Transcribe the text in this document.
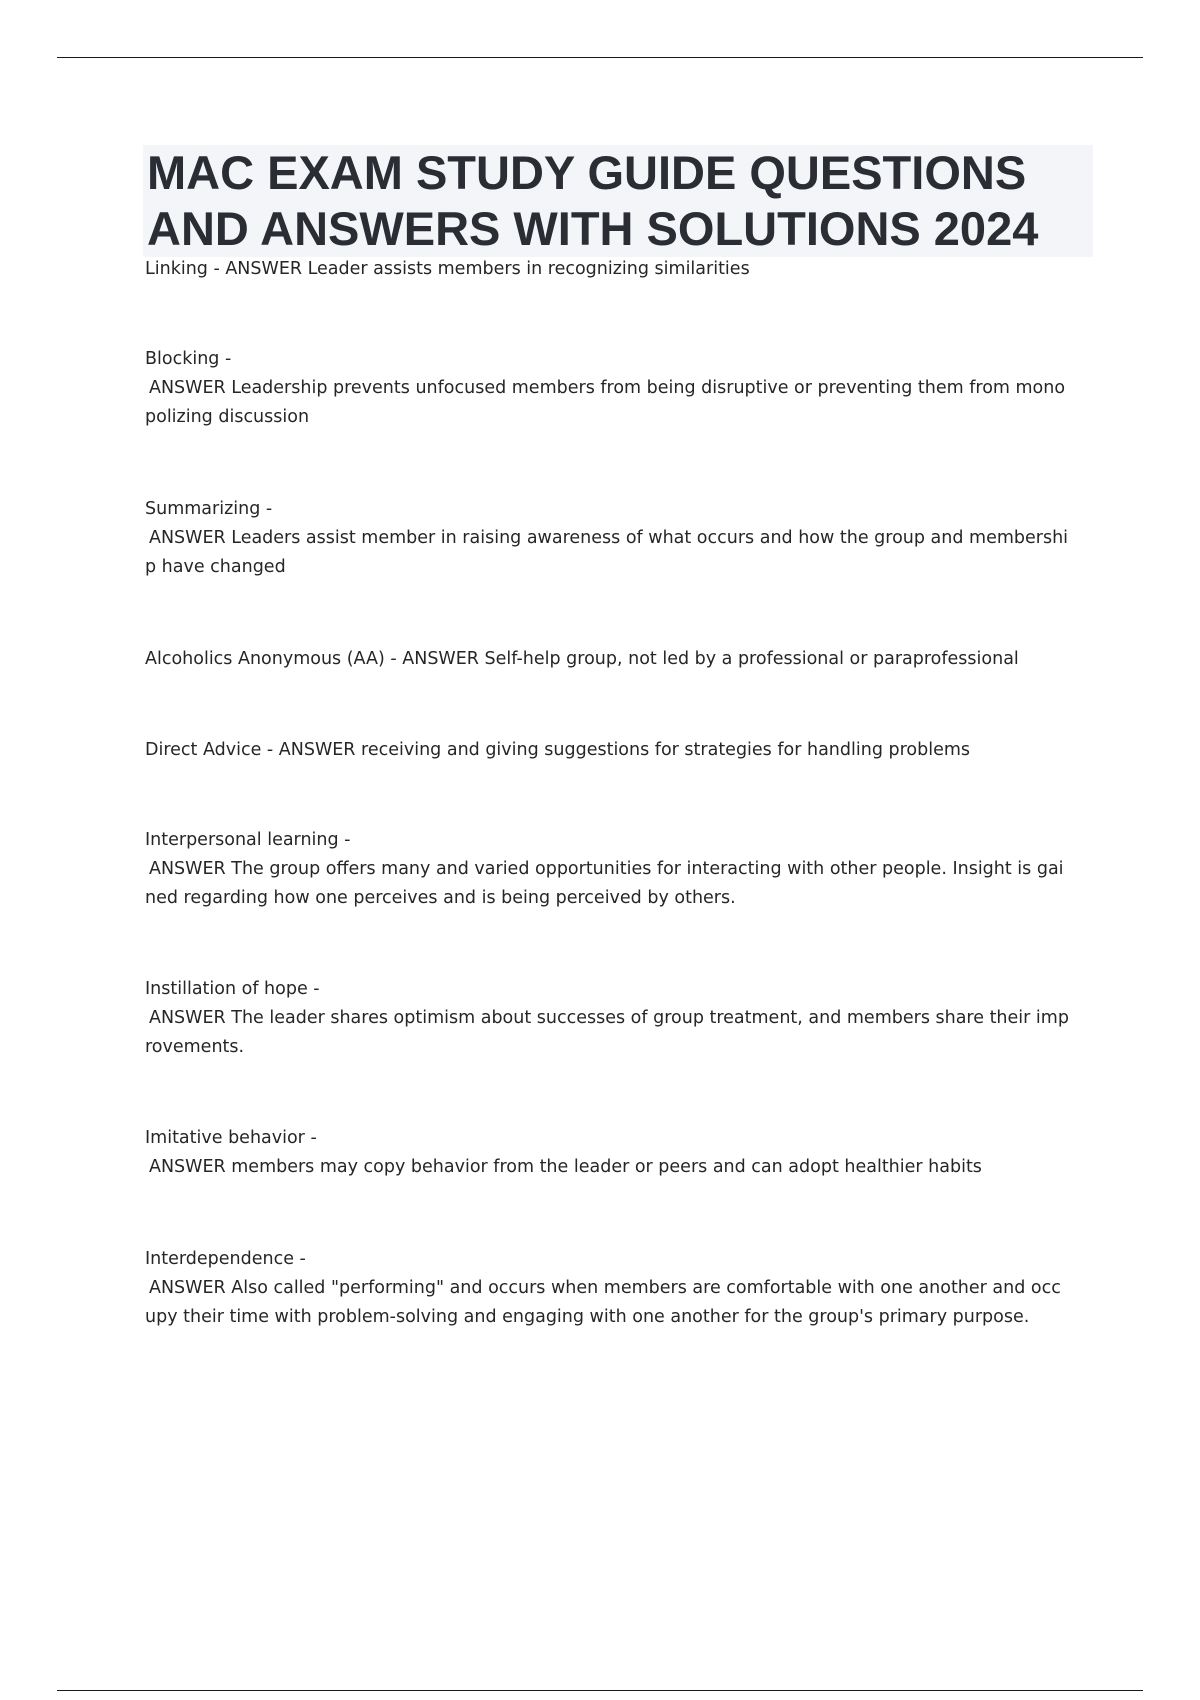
MAC EXAM STUDY GUIDE QUESTIONS
AND ANSWERS WITH SOLUTIONS 2024
Linking - ANSWER Leader assists members in recognizing similarities
Blocking -
ANSWER Leadership prevents unfocused members from being disruptive or preventing them from mono
polizing discussion
Summarizing -
ANSWER Leaders assist member in raising awareness of what occurs and how the group and membershi
p have changed
Alcoholics Anonymous (AA) - ANSWER Self-help group, not led by a professional or paraprofessional
Direct Advice - ANSWER receiving and giving suggestions for strategies for handling problems
Interpersonal learning -
ANSWER The group offers many and varied opportunities for interacting with other people. Insight is gai
ned regarding how one perceives and is being perceived by others.
Instillation of hope -
ANSWER The leader shares optimism about successes of group treatment, and members share their imp
rovements.
Imitative behavior -
ANSWER members may copy behavior from the leader or peers and can adopt healthier habits
Interdependence -
ANSWER Also called "performing" and occurs when members are comfortable with one another and occ
upy their time with problem-solving and engaging with one another for the group's primary purpose.
